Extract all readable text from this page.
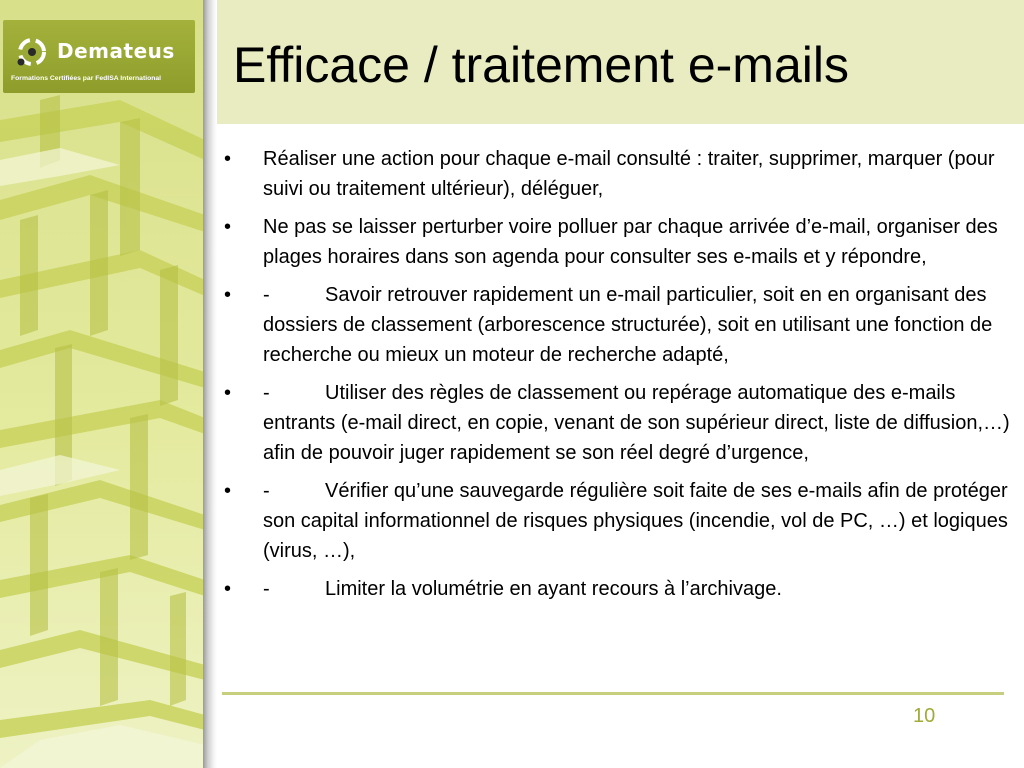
Demateus
Formations Certifiées par FedISA International	Efficace / traitement e-mails
• Réaliser une action pour chaque e-mail consulté : traiter, supprimer, marquer (pour suivi ou traitement ultérieur), déléguer,
• Ne pas se laisser perturber voire polluer par chaque arrivée d’e-mail, organiser des plages horaires dans son agenda pour consulter ses e-mails et y répondre,
• -	Savoir retrouver rapidement un e-mail particulier, soit en en organisant des dossiers de classement (arborescence structurée), soit en utilisant une fonction de recherche ou mieux un moteur de recherche adapté,
• -	Utiliser des règles de classement ou repérage automatique des e-mails entrants (e-mail direct, en copie, venant de son supérieur direct, liste de diffusion,…) afin de pouvoir juger rapidement se son réel degré d’urgence,
• -	Vérifier qu’une sauvegarde régulière soit faite de ses e-mails afin de protéger son capital informationnel de risques physiques (incendie, vol de PC, …) et logiques (virus, …),
• -	Limiter la volumétrie en ayant recours à l’archivage.
10
